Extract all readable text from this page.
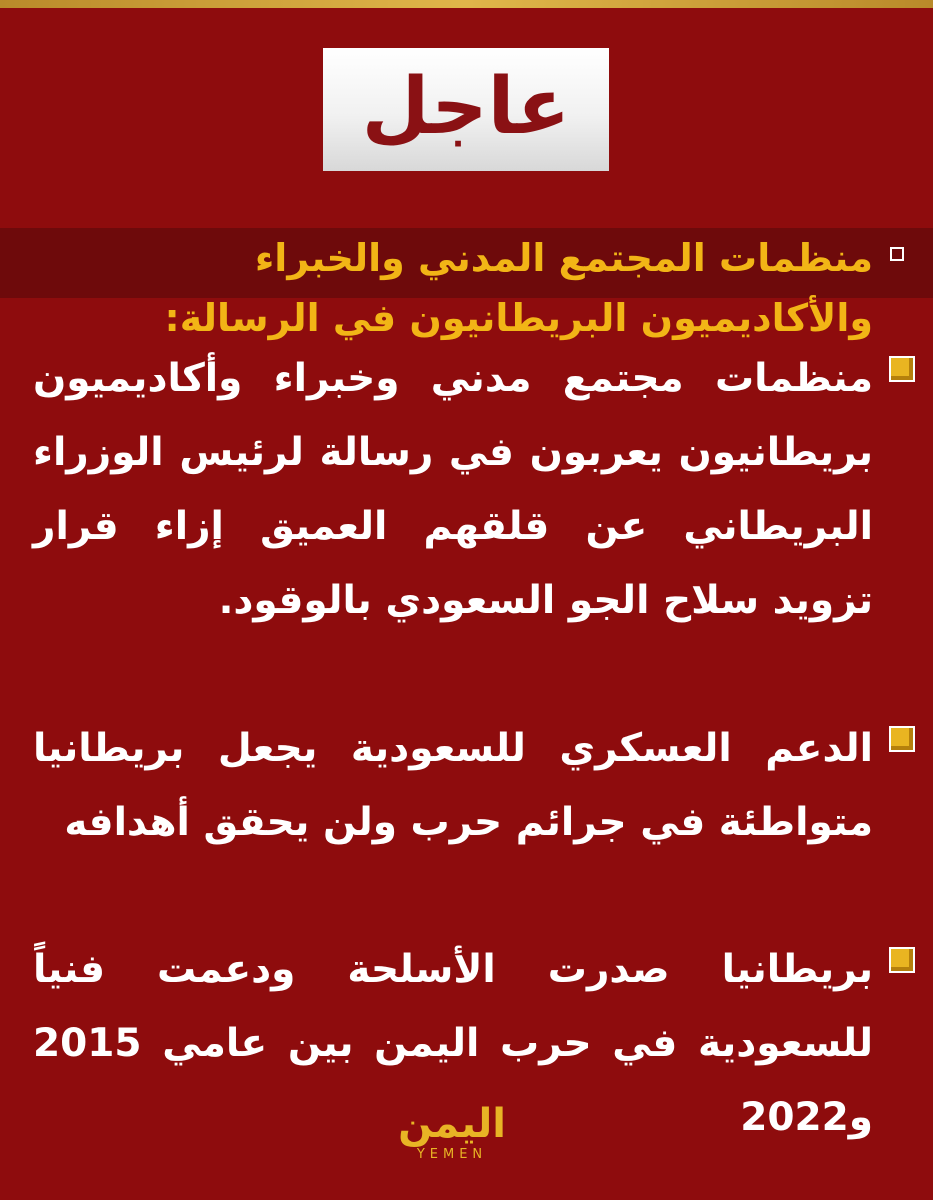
عاجل
منظمات المجتمع المدني والخبراء والأكاديميون البريطانيون في الرسالة:
منظمات مجتمع مدني وخبراء وأكاديميون بريطانيون يعربون في رسالة لرئيس الوزراء البريطاني عن قلقهم العميق إزاء قرار تزويد سلاح الجو السعودي بالوقود.
الدعم العسكري للسعودية يجعل بريطانيا متواطئة في جرائم حرب ولن يحقق أهدافه
بريطانيا صدرت الأسلحة ودعمت فنياً للسعودية في حرب اليمن بين عامي 2015 و2022
اليمن
YEMEN
